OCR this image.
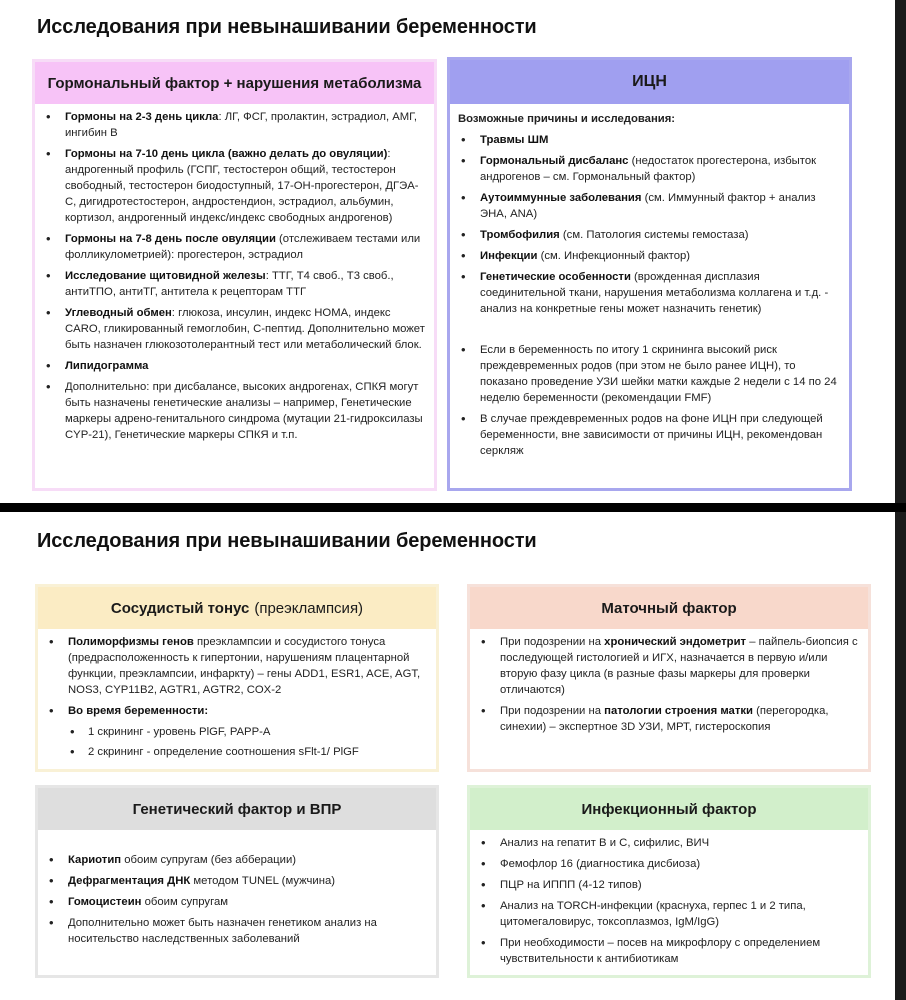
Исследования при невынашивании беременности
Гормональный фактор + нарушения метаболизма
• Гормоны на 2-3 день цикла: ЛГ, ФСГ, пролактин, эстрадиол, АМГ, ингибин В
• Гормоны на 7-10 день цикла (важно делать до овуляции): андрогенный профиль (ГСПГ, тестостерон общий, тестостерон свободный, тестостерон биодоступный, 17-ОН-прогестерон, ДГЭА-С, дигидротестостерон, андростендион, эстрадиол, альбумин, кортизол, андрогенный индекс/индекс свободных андрогенов)
• Гормоны на 7-8 день после овуляции (отслеживаем тестами или фолликулометрией): прогестерон, эстрадиол
• Исследование щитовидной железы: ТТГ, Т4 своб., Т3 своб., антиТПО, антиТГ, антитела к рецепторам ТТГ
• Углеводный обмен: глюкоза, инсулин, индекс HOMA, индекс CARO, гликированный гемоглобин, С-пептид. Дополнительно может быть назначен глюкозотолерантный тест или метаболический блок.
• Липидограмма
• Дополнительно: при дисбалансе, высоких андрогенах, СПКЯ могут быть назначены генетические анализы – например, Генетические маркеры адрено-генитального синдрома (мутации 21-гидроксилазы CYP-21), Генетические маркеры СПКЯ и т.п.
ИЦН
Возможные причины и исследования:
• Травмы ШМ
• Гормональный дисбаланс (недостаток прогестерона, избыток андрогенов – см. Гормональный фактор)
• Аутоиммунные заболевания (см. Иммунный фактор + анализ ЭНА, ANA)
• Тромбофилия (см. Патология системы гемостаза)
• Инфекции (см. Инфекционный фактор)
• Генетические особенности (врожденная дисплазия соединительной ткани, нарушения метаболизма коллагена и т.д. - анализ на конкретные гены может назначить генетик)
• Если в беременность по итогу 1 скрининга высокий риск преждевременных родов (при этом не было ранее ИЦН), то показано проведение УЗИ шейки матки каждые 2 недели с 14 по 24 неделю беременности (рекомендации FMF)
• В случае преждевременных родов на фоне ИЦН при следующей беременности, вне зависимости от причины ИЦН, рекомендован серкляж
Исследования при невынашивании беременности
Сосудистый тонус (преэклампсия)
• Полиморфизмы генов преэклампсии и сосудистого тонуса (предрасположенность к гипертонии, нарушениям плацентарной функции, преэклампсии, инфаркту) – гены ADD1, ESR1, ACE, AGT, NOS3, CYP11B2, AGTR1, AGTR2, COX-2
• Во время беременности:
• 1 скрининг - уровень PlGF, PAPP-A
• 2 скрининг - определение соотношения sFlt-1/ PlGF
Маточный фактор
• При подозрении на хронический эндометрит – пайпель-биопсия с последующей гистологией и ИГХ, назначается в первую и/или вторую фазу цикла (в разные фазы маркеры для проверки отличаются)
• При подозрении на патологии строения матки (перегородка, синехии) – экспертное 3D УЗИ, МРТ, гистероскопия
Генетический фактор и ВПР
• Кариотип обоим супругам (без абберации)
• Дефрагментация ДНК методом TUNEL (мужчина)
• Гомоцистеин обоим супругам
• Дополнительно может быть назначен генетиком анализ на носительство наследственных заболеваний
Инфекционный фактор
• Анализ на гепатит В и С, сифилис, ВИЧ
• Фемофлор 16 (диагностика дисбиоза)
• ПЦР на ИППП (4-12 типов)
• Анализ на TORCH-инфекции (краснуха, герпес 1 и 2 типа, цитомегаловирус, токсоплазмоз, IgM/IgG)
• При необходимости – посев на микрофлору с определением чувствительности к антибиотикам
